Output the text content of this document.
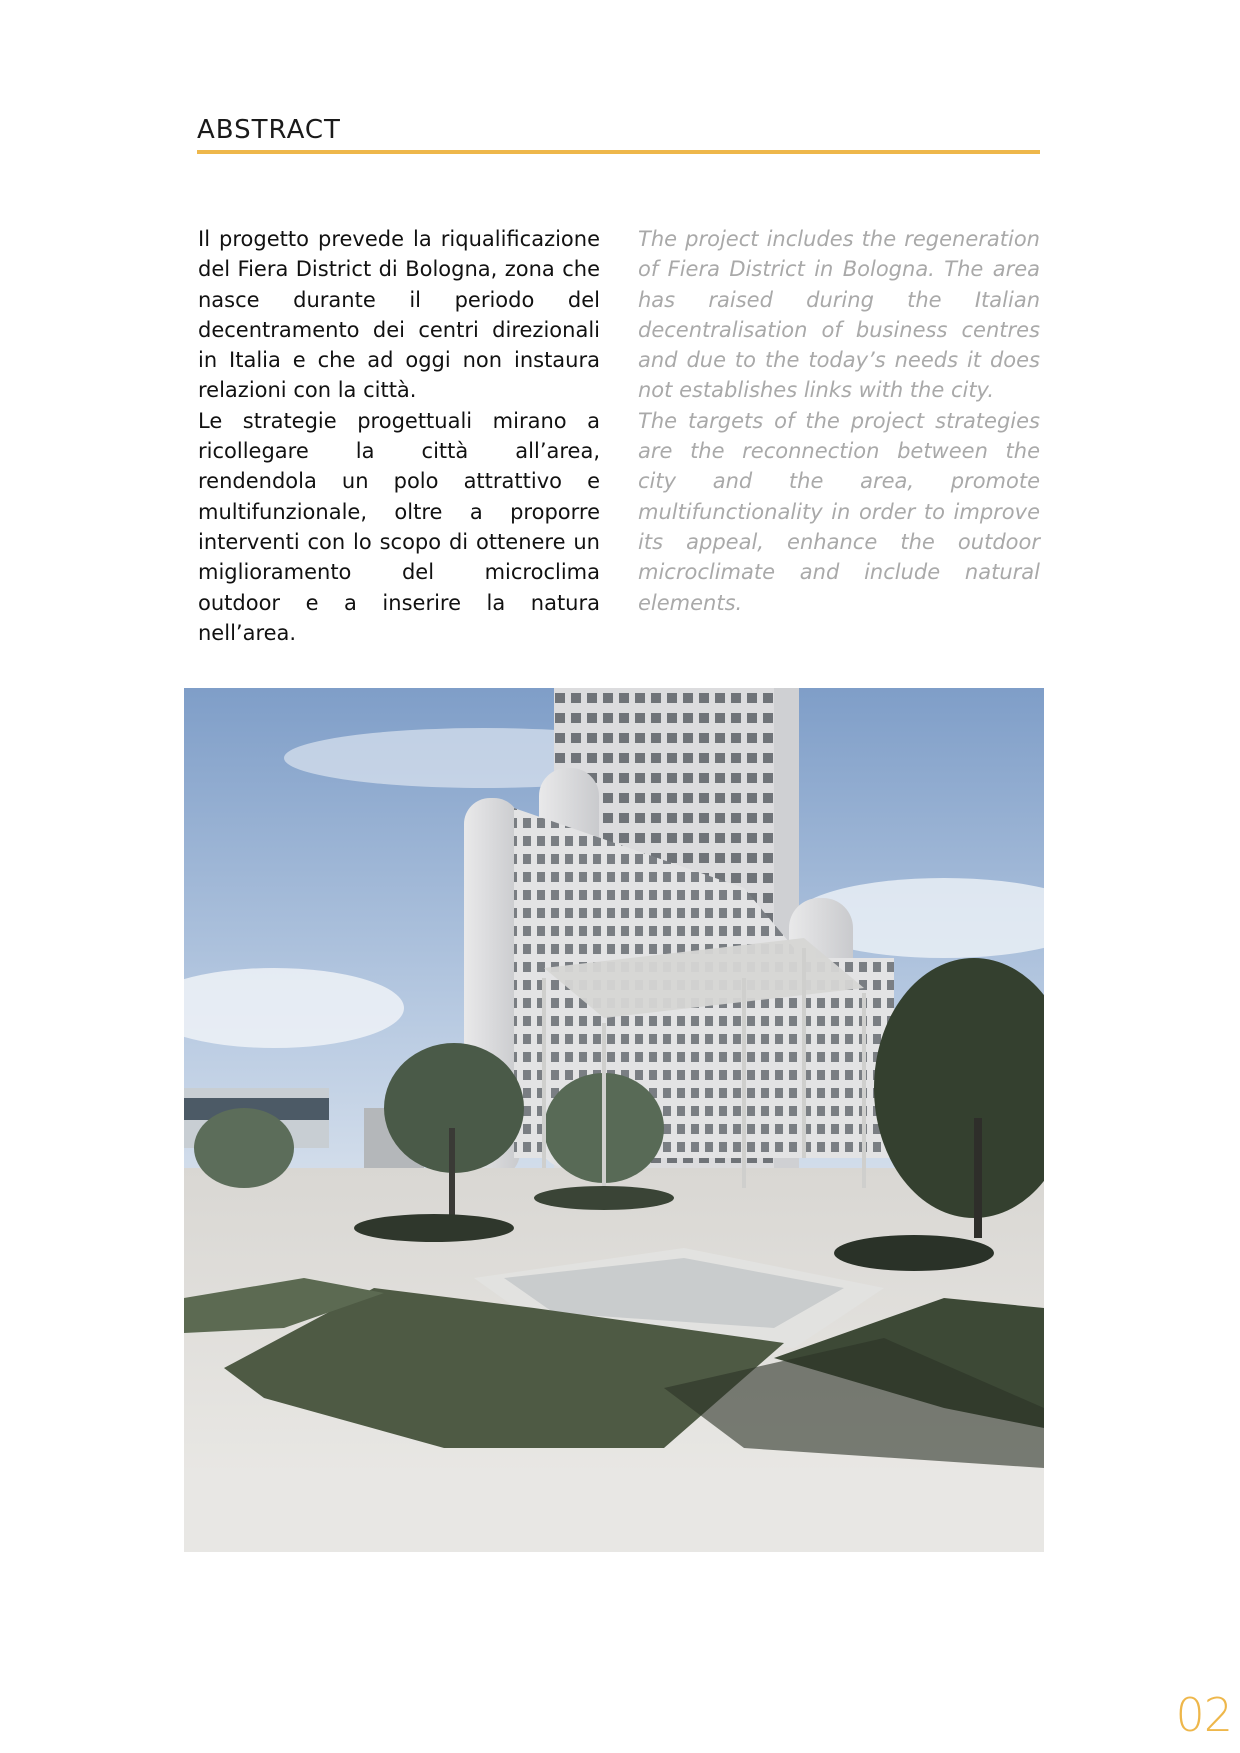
ABSTRACT

Il progetto prevede la riqualificazione del Fiera District di Bologna, zona che nasce durante il periodo del decentramento dei centri direzionali in Italia e che ad oggi non instaura relazioni con la città.

Le strategie progettuali mirano a ricollegare la città all’area, rendendola un polo attrattivo e multifunzionale, oltre a proporre interventi con lo scopo di ottenere un miglioramento del microclima outdoor e a inserire la natura nell’area.

The project includes the regeneration of Fiera District in Bologna. The area has raised during the Italian decentralisation of business centres and due to the today’s needs it does not establishes links with the city.

The targets of the project strategies are the reconnection between the city and the area, promote multifunctionality in order to improve its appeal, enhance the outdoor microclimate and include natural elements.

02
